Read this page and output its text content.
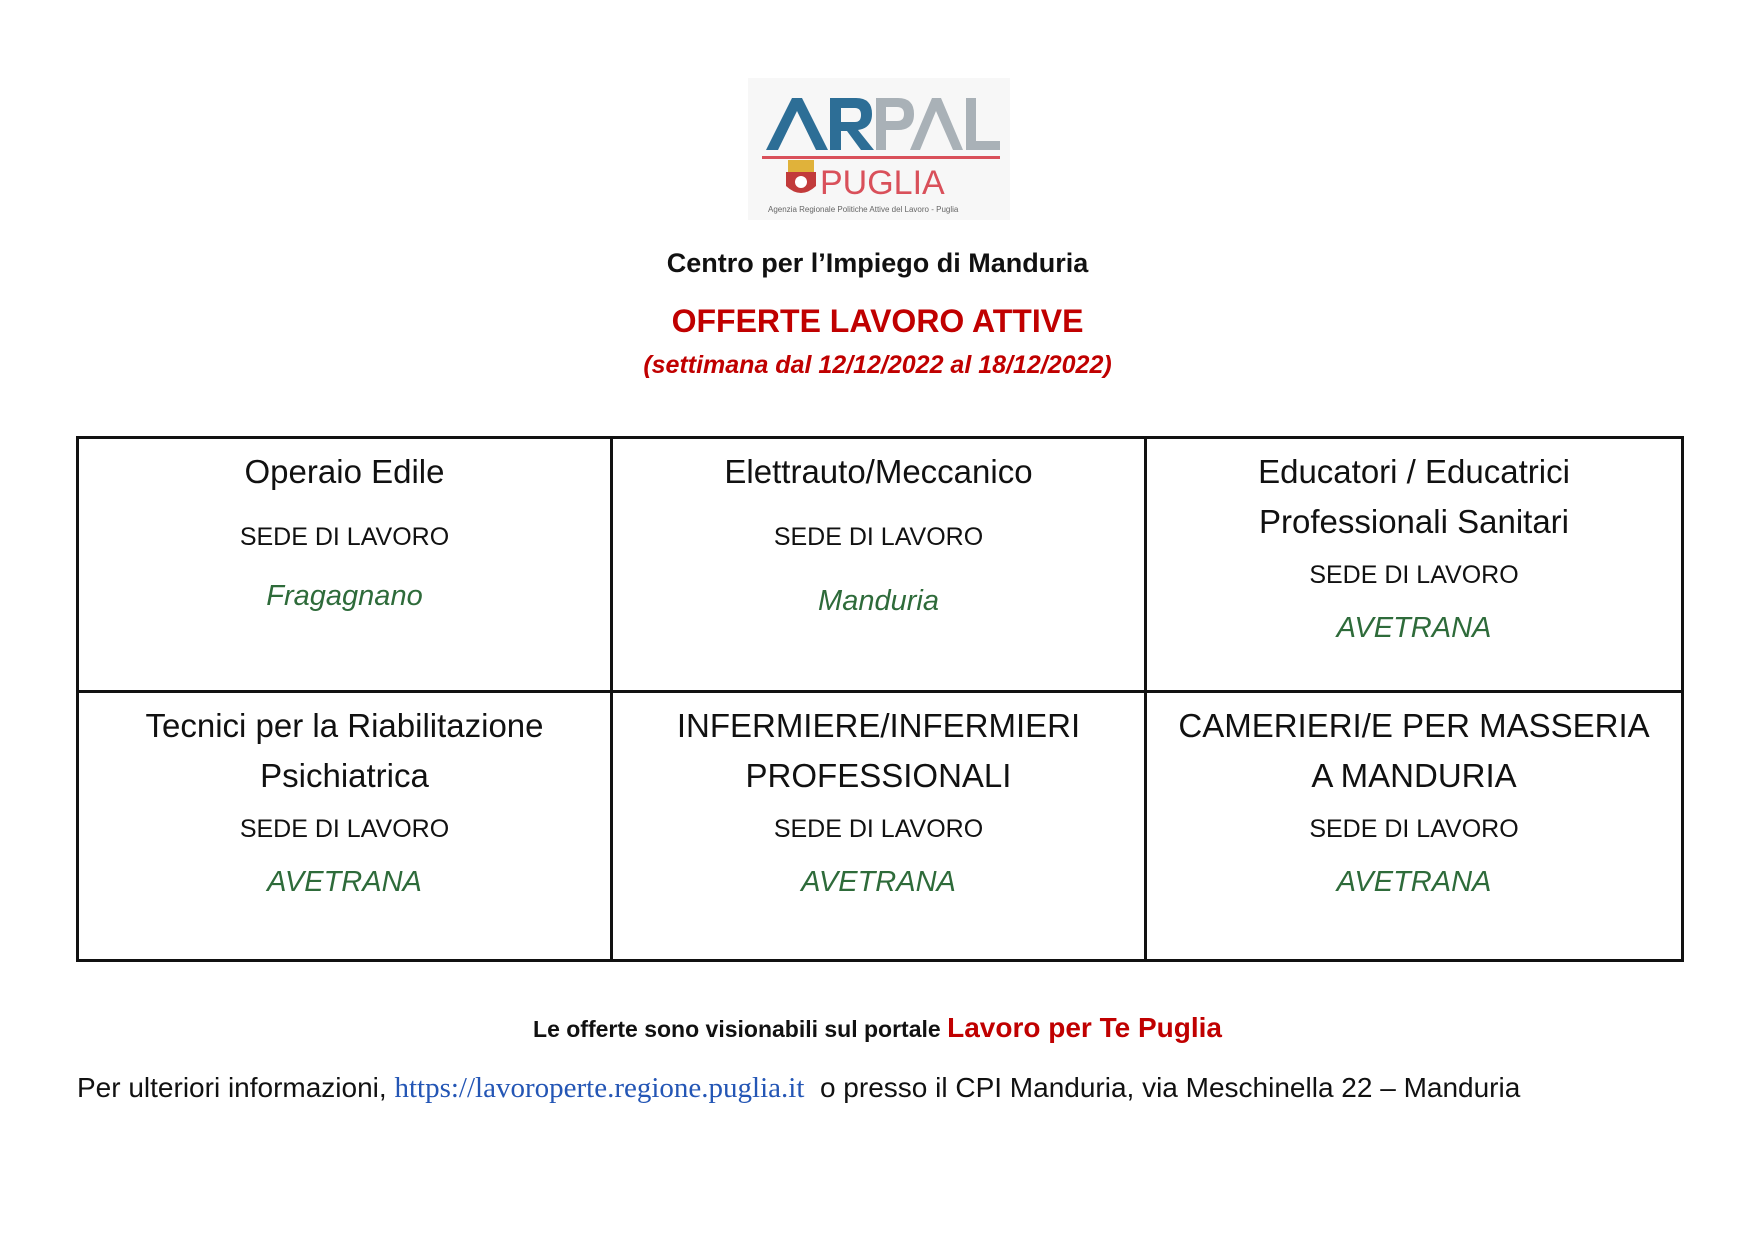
PUGLIA
Agenzia Regionale Politiche Attive del Lavoro - Puglia
Centro per l’Impiego di Manduria
OFFERTE LAVORO ATTIVE
(settimana dal 12/12/2022 al 18/12/2022)
Operaio Edile
SEDE DI LAVORO
Fragagnano
Elettrauto/Meccanico
SEDE DI LAVORO
Manduria
Educatori / Educatrici Professionali Sanitari
SEDE DI LAVORO
AVETRANA
Tecnici per la Riabilitazione Psichiatrica
SEDE DI LAVORO
AVETRANA
INFERMIERE/INFERMIERI PROFESSIONALI
SEDE DI LAVORO
AVETRANA
CAMERIERI/E PER MASSERIA A MANDURIA
SEDE DI LAVORO
AVETRANA
Le offerte sono visionabili sul portale Lavoro per Te Puglia
Per ulteriori informazioni, https://lavoroperte.regione.puglia.it o presso il CPI Manduria, via Meschinella 22 – Manduria
